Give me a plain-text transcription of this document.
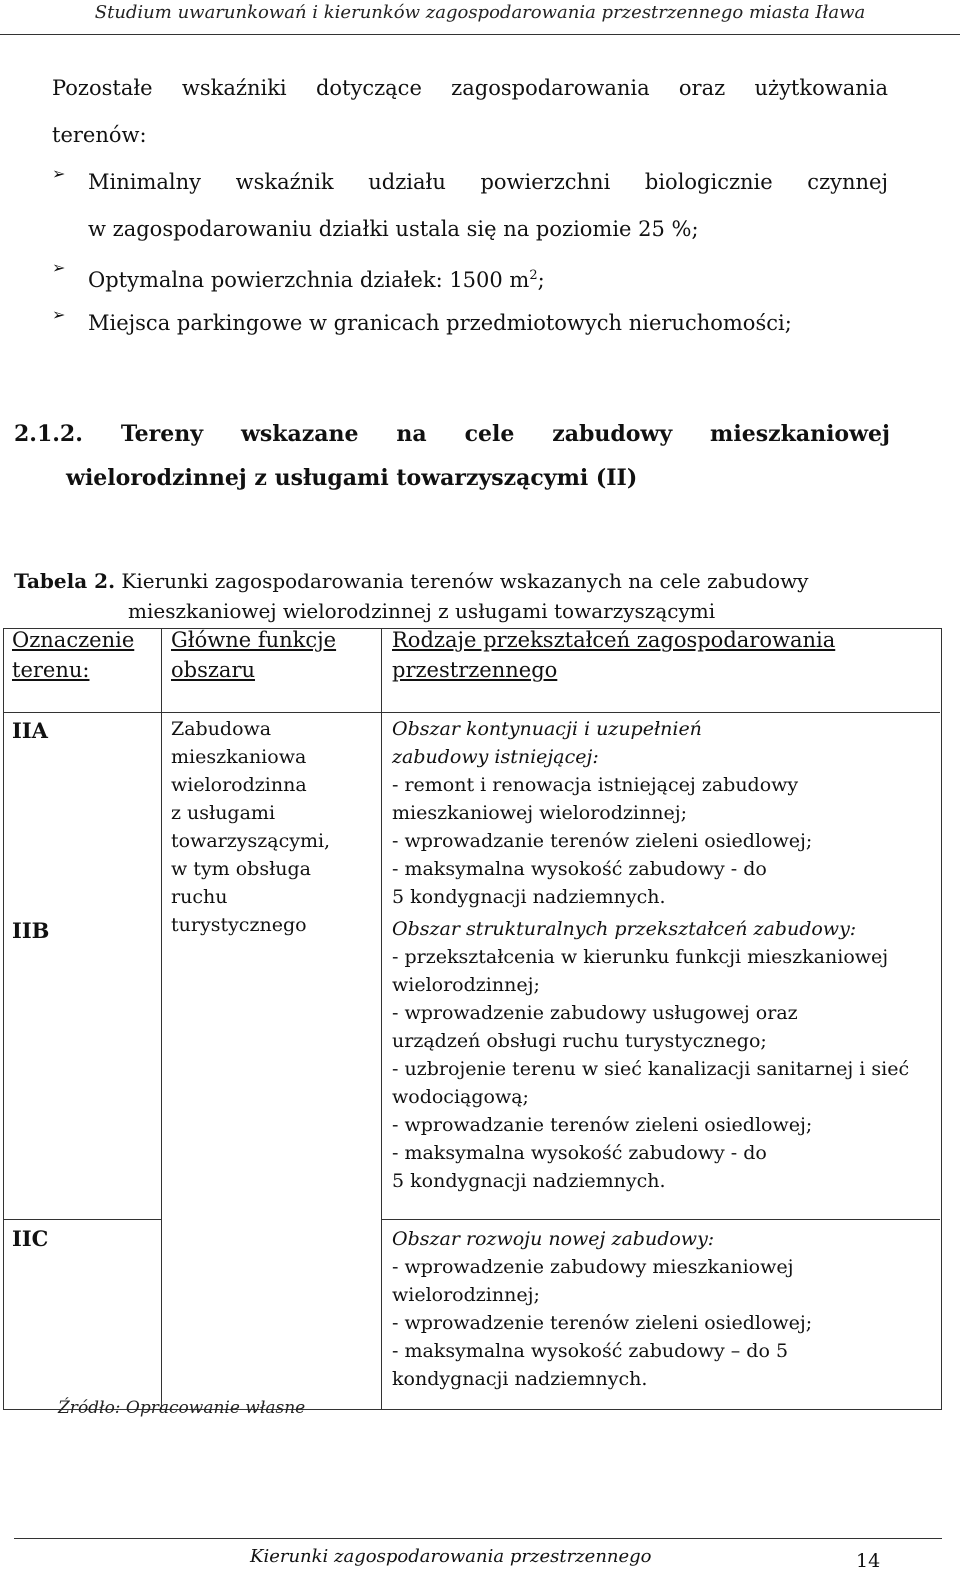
Studium uwarunkowań i kierunków zagospodarowania przestrzennego miasta Iława
Pozostałe wskaźniki dotyczące zagospodarowania oraz użytkowania
terenów:
➢ Minimalny wskaźnik udziału powierzchni biologicznie czynnej
w zagospodarowaniu działki ustala się na poziomie 25 %;
➢
Optymalna powierzchnia działek: 1500 $m^2$;
➢ Miejsca parkingowe w granicach przedmiotowych nieruchomości;
2.1.2. Tereny wskazane na cele zabudowy mieszkaniowej
wielorodzinnej z usługami towarzyszącymi (II)
Tabela 2. Kierunki zagospodarowania terenów wskazanych na cele zabudowy
mieszkaniowej wielorodzinnej z usługami towarzyszącymi
Oznaczenie
terenu:
Główne funkcje
obszaru
Rodzaje przekształceń zagospodarowania
przestrzennego
IIA
IIB
IIC
Zabudowa
mieszkaniowa
wielorodzinna
z usługami
towarzyszącymi,
w tym obsługa
ruchu
turystycznego
Obszar kontynuacji i uzupełnień
zabudowy istniejącej:
- remont i renowacja istniejącej zabudowy
mieszkaniowej wielorodzinnej;
- wprowadzanie terenów zieleni osiedlowej;
- maksymalna wysokość zabudowy - do
5 kondygnacji nadziemnych.
Obszar strukturalnych przekształceń zabudowy:
- przekształcenia w kierunku funkcji mieszkaniowej
wielorodzinnej;
- wprowadzenie zabudowy usługowej oraz
urządzeń obsługi ruchu turystycznego;
- uzbrojenie terenu w sieć kanalizacji sanitarnej i sieć
wodociągową;
- wprowadzanie terenów zieleni osiedlowej;
- maksymalna wysokość zabudowy - do
5 kondygnacji nadziemnych.
Obszar rozwoju nowej zabudowy:
- wprowadzenie zabudowy mieszkaniowej
wielorodzinnej;
- wprowadzenie terenów zieleni osiedlowej;
- maksymalna wysokość zabudowy – do 5
kondygnacji nadziemnych.
Źródło: Opracowanie własne
Kierunki zagospodarowania przestrzennego	14
